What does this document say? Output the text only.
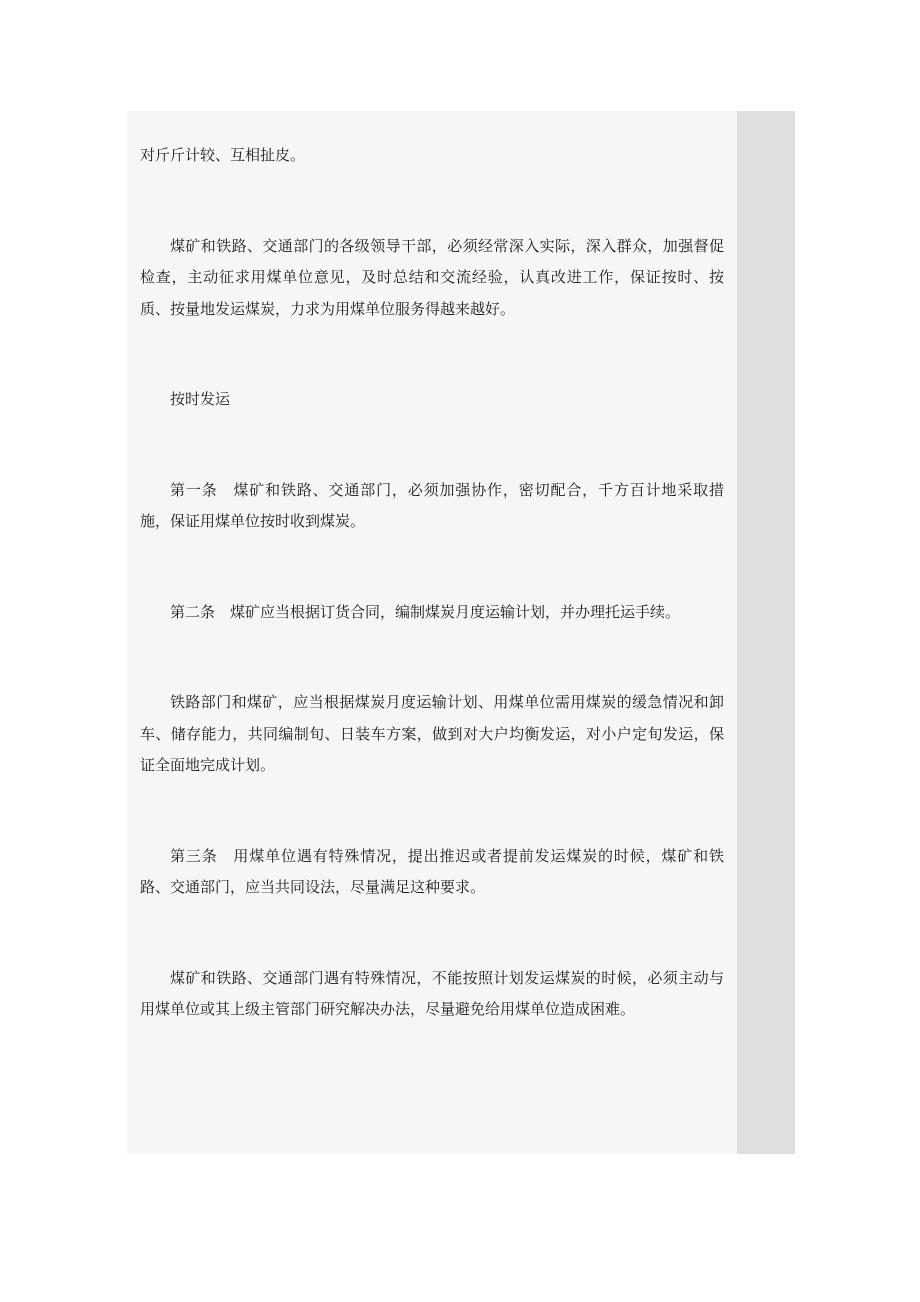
对斤斤计较、互相扯皮。

煤矿和铁路、交通部门的各级领导干部，必须经常深入实际，深入群众，加强督促检查，主动征求用煤单位意见，及时总结和交流经验，认真改进工作，保证按时、按质、按量地发运煤炭，力求为用煤单位服务得越来越好。

按时发运

第一条　煤矿和铁路、交通部门，必须加强协作，密切配合，千方百计地采取措施，保证用煤单位按时收到煤炭。

第二条　煤矿应当根据订货合同，编制煤炭月度运输计划，并办理托运手续。

铁路部门和煤矿，应当根据煤炭月度运输计划、用煤单位需用煤炭的缓急情况和卸车、储存能力，共同编制旬、日装车方案，做到对大户均衡发运，对小户定旬发运，保证全面地完成计划。

第三条　用煤单位遇有特殊情况，提出推迟或者提前发运煤炭的时候，煤矿和铁路、交通部门，应当共同设法，尽量满足这种要求。

煤矿和铁路、交通部门遇有特殊情况，不能按照计划发运煤炭的时候，必须主动与用煤单位或其上级主管部门研究解决办法，尽量避免给用煤单位造成困难。
